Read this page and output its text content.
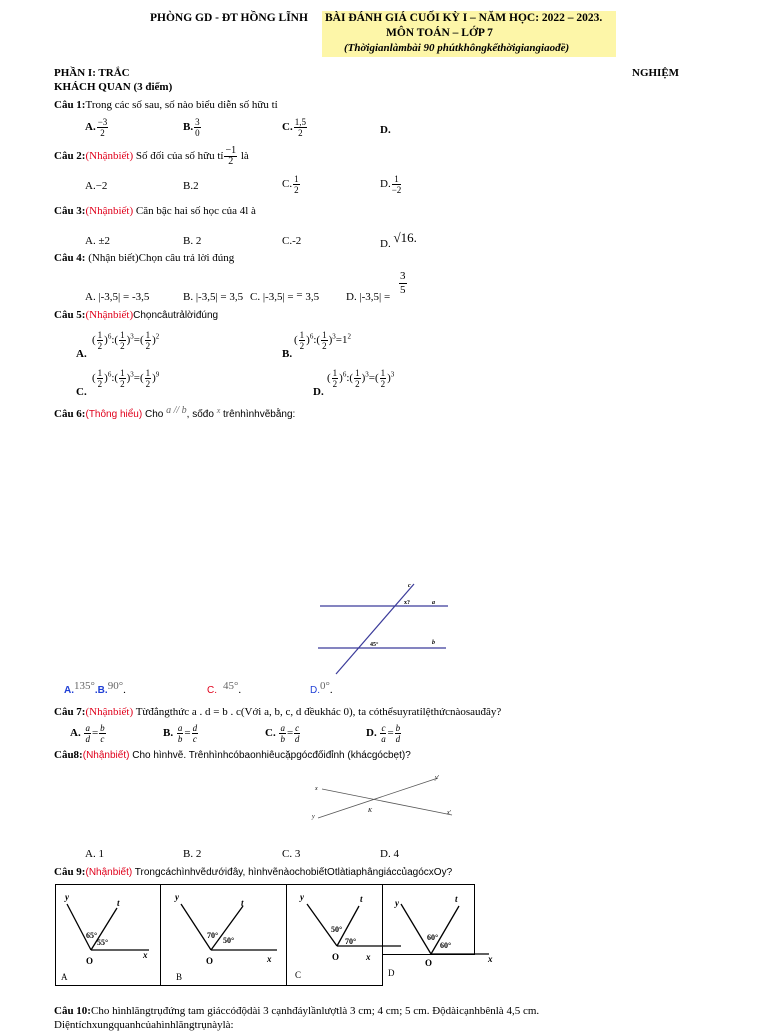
PHÒNG GD - ĐT HỒNG LĨNH BÀI ĐÁNH GIÁ CUỐI KỲ I – NĂM HỌC: 2022 – 2023.
MÔN TOÁN – LỚP 7
(Thờigianlàmbài 90 phútkhôngkểthờigiangiaođề)
PHẦN I: TRẮC	NGHIỆM
KHÁCH QUAN (3 điểm)
Câu 1:Trong các số sau, số nào biểu diễn số hữu tỉ
A. $\frac{-3}{2}$	B. $\frac{3}{0}$	C. $\frac{1,5}{2}$	D.
Câu 2:(Nhậnbiết) Số đối của số hữu tỉ $\frac{-1}{2}$ là
A.−2	B.2	C. $\frac{1}{2}$	D. $\frac{1}{-2}$
Câu 3:(Nhậnbiết) Căn bậc hai số học của 4l à
A. ±2	B. 2	C.-2	D. √16.
Câu 4: (Nhận biết)Chọn câu trả lời đúng
A. |-3,5| = -3,5	B. |-3,5| = 3,5 C. |-3,5| = = 3,5 D. $|-3,5| = \frac{3}{5}$
Câu 5:(Nhậnbiết)Chọncâutrảlờiđúng
A.
( $\frac{1}{2}$ )$^6$:( $\frac{1}{2} )^3=( \frac{1}{2} )^2$
B.
( $\frac{1}{2}$ )$^6$:( $\frac{1}{2} )^3=1^2$
C.
( $\frac{1}{2}$ )$^6$:( $\frac{1}{2} )^3=( \frac{1}{2} )^9$
D.
( $\frac{1}{2}$ )$^6$:( $\frac{1}{2} )^3=( \frac{1}{2} )^3$
Câu 6:(Thông hiểu) Cho a // b, sốđo $^x$ trênhìnhvẽbằng:
c
x?	a
45°	b
A.135°.B.90°.	C. 45°.	D.0°.
Câu 7:(Nhậnbiết) Từđẳngthức a . d = b . c(Với a, b, c, d đềukhác 0), ta cóthểsuyratỉlệthứcnàosauđây?
A. $\frac{a}{d} = \frac{b}{c}$	B. $\frac{a}{b} = \frac{d}{c}$	C. $\frac{a}{b} = \frac{c}{d}$	D. $\frac{c}{a} = \frac{b}{d}$
Câu8:(Nhậnbiết) Cho hìnhvẽ. Trênhìnhcóbaonhiêucặpgócđốiđỉnh (khácgócbẹt)?
x
y
y'
x'
K
A. 1	B. 2	C. 3	D. 4
Câu 9:(Nhậnbiết) Trongcáchìnhvẽdướiđây, hìnhvẽnàochobiếtOtlàtiaphângiáccủagócxOy?
y
t
O
x
65°
55°
A
y
t
O	x
70°
50°
B
y	t
O	x
50°
70°
C
y	t
O	x
60°
60°
D
Câu 10:Cho hìnhlăngtrụđứng tam giáccóđộdài 3 cạnhđáylầnlượtlà 3 cm; 4 cm; 5 cm. Độdàicạnhbênlà 4,5 cm.
Diệntíchxungquanhcủahìnhlăngtrụnàylà:
